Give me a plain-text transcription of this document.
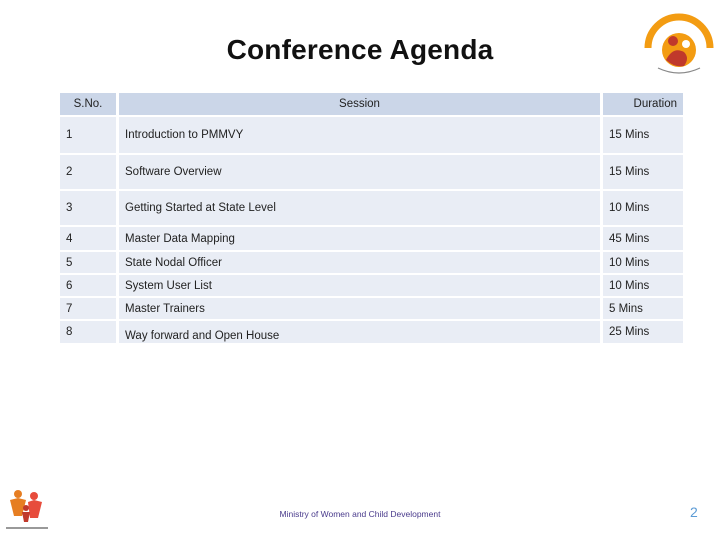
Conference Agenda
S.No.	Session	Duration
1	Introduction to PMMVY	15 Mins
2	Software Overview	15 Mins
3	Getting Started at State Level	10 Mins
4	Master Data Mapping	45 Mins
5	State Nodal Officer	10 Mins
6	System User List	10 Mins
7	Master Trainers	5 Mins
8	Way forward and Open House	25 Mins
Ministry of Women and Child Development	2
